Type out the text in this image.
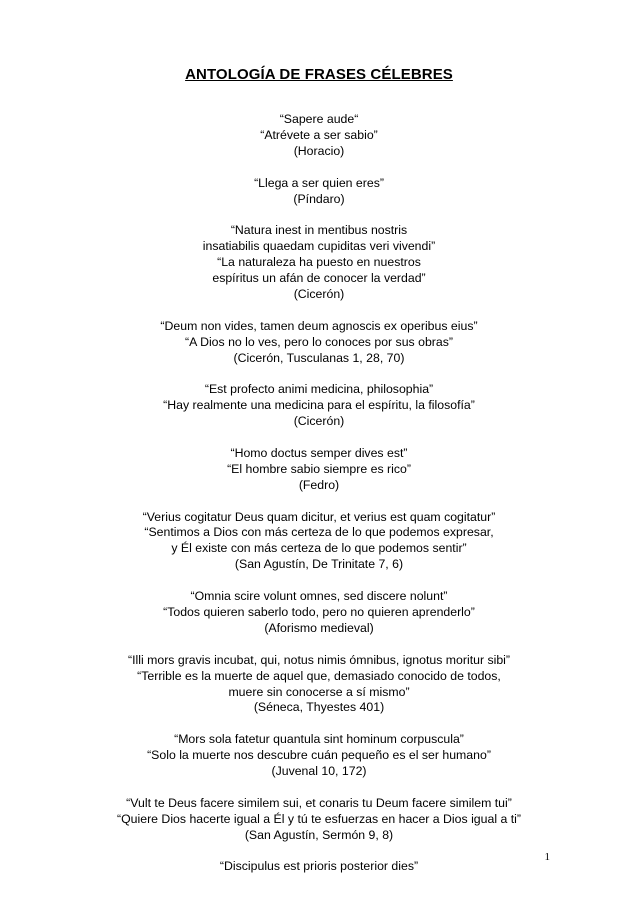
ANTOLOGÍA DE FRASES CÉLEBRES
“Sapere aude“
“Atrévete a ser sabio”
(Horacio)
“Llega a ser quien eres”
(Píndaro)
“Natura inest in mentibus nostris
insatiabilis quaedam cupiditas veri vivendi”
“La naturaleza ha puesto en nuestros
espíritus un afán de conocer la verdad”
(Cicerón)
“Deum non vides, tamen deum agnoscis ex operibus eius”
“A Dios no lo ves, pero lo conoces por sus obras”
(Cicerón, Tusculanas 1, 28, 70)
“Est profecto animi medicina, philosophia”
“Hay realmente una medicina para el espíritu, la filosofía”
(Cicerón)
“Homo doctus semper dives est”
“El hombre sabio siempre es rico”
(Fedro)
“Verius cogitatur Deus quam dicitur, et verius est quam cogitatur”
“Sentimos a Dios con más certeza de lo que podemos expresar,
y Él existe con más certeza de lo que podemos sentir”
(San Agustín, De Trinitate 7, 6)
“Omnia scire volunt omnes, sed discere nolunt”
“Todos quieren saberlo todo, pero no quieren aprenderlo”
(Aforismo medieval)
“Illi mors gravis incubat, qui, notus nimis ómnibus, ignotus moritur sibi”
“Terrible es la muerte de aquel que, demasiado conocido de todos,
muere sin conocerse a sí mismo”
(Séneca, Thyestes 401)
“Mors sola fatetur quantula sint hominum corpuscula”
“Solo la muerte nos descubre cuán pequeño es el ser humano”
(Juvenal 10, 172)
“Vult te Deus facere similem sui, et conaris tu Deum facere similem tui”
“Quiere Dios hacerte igual a Él y tú te esfuerzas en hacer a Dios igual a ti”
(San Agustín, Sermón 9, 8)
“Discipulus est prioris posterior dies”
1
